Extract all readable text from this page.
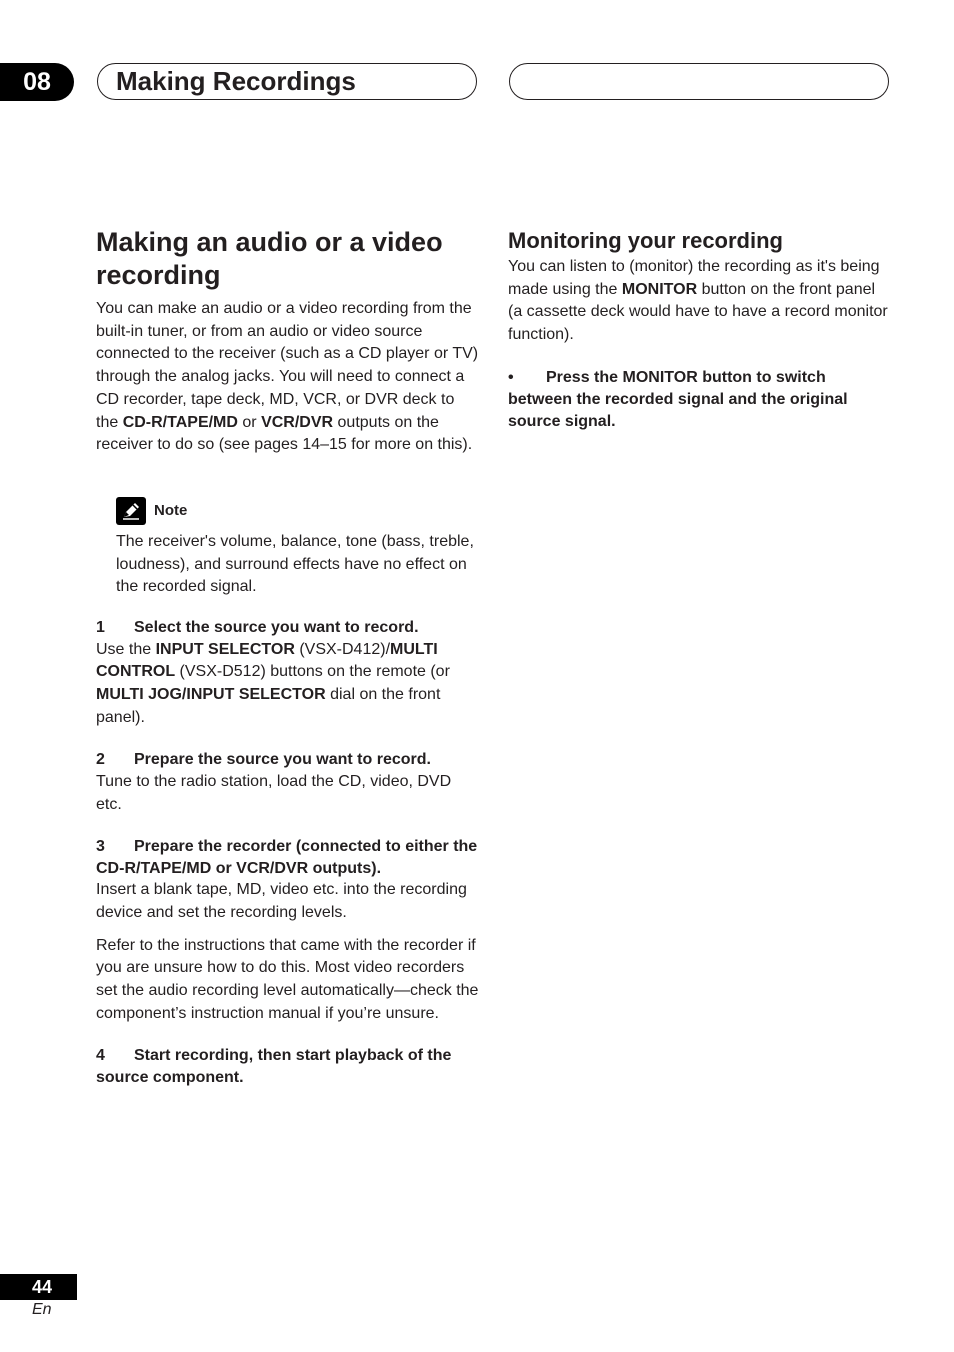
08	Making Recordings
Making an audio or a video recording

You can make an audio or a video recording from the built-in tuner, or from an audio or video source connected to the receiver (such as a CD player or TV) through the analog jacks. You will need to connect a CD recorder, tape deck, MD, VCR, or DVR deck to the CD-R/TAPE/MD or VCR/DVR outputs on the receiver to do so (see pages 14–15 for more on this).

Note

The receiver's volume, balance, tone (bass, treble, loudness), and surround effects have no effect on the recorded signal.

1 Select the source you want to record.

Use the INPUT SELECTOR (VSX-D412)/MULTI CONTROL (VSX-D512) buttons on the remote (or MULTI JOG/INPUT SELECTOR dial on the front panel).

2 Prepare the source you want to record.

Tune to the radio station, load the CD, video, DVD etc.

3 Prepare the recorder (connected to either the CD-R/TAPE/MD or VCR/DVR outputs).

Insert a blank tape, MD, video etc. into the recording device and set the recording levels.

Refer to the instructions that came with the recorder if you are unsure how to do this. Most video recorders set the audio recording level automatically—check the component’s instruction manual if you’re unsure.

4 Start recording, then start playback of the source component.

Monitoring your recording

You can listen to (monitor) the recording as it's being made using the MONITOR button on the front panel (a cassette deck would have to have a record monitor function).

• Press the MONITOR button to switch between the recorded signal and the original source signal.
44
En
